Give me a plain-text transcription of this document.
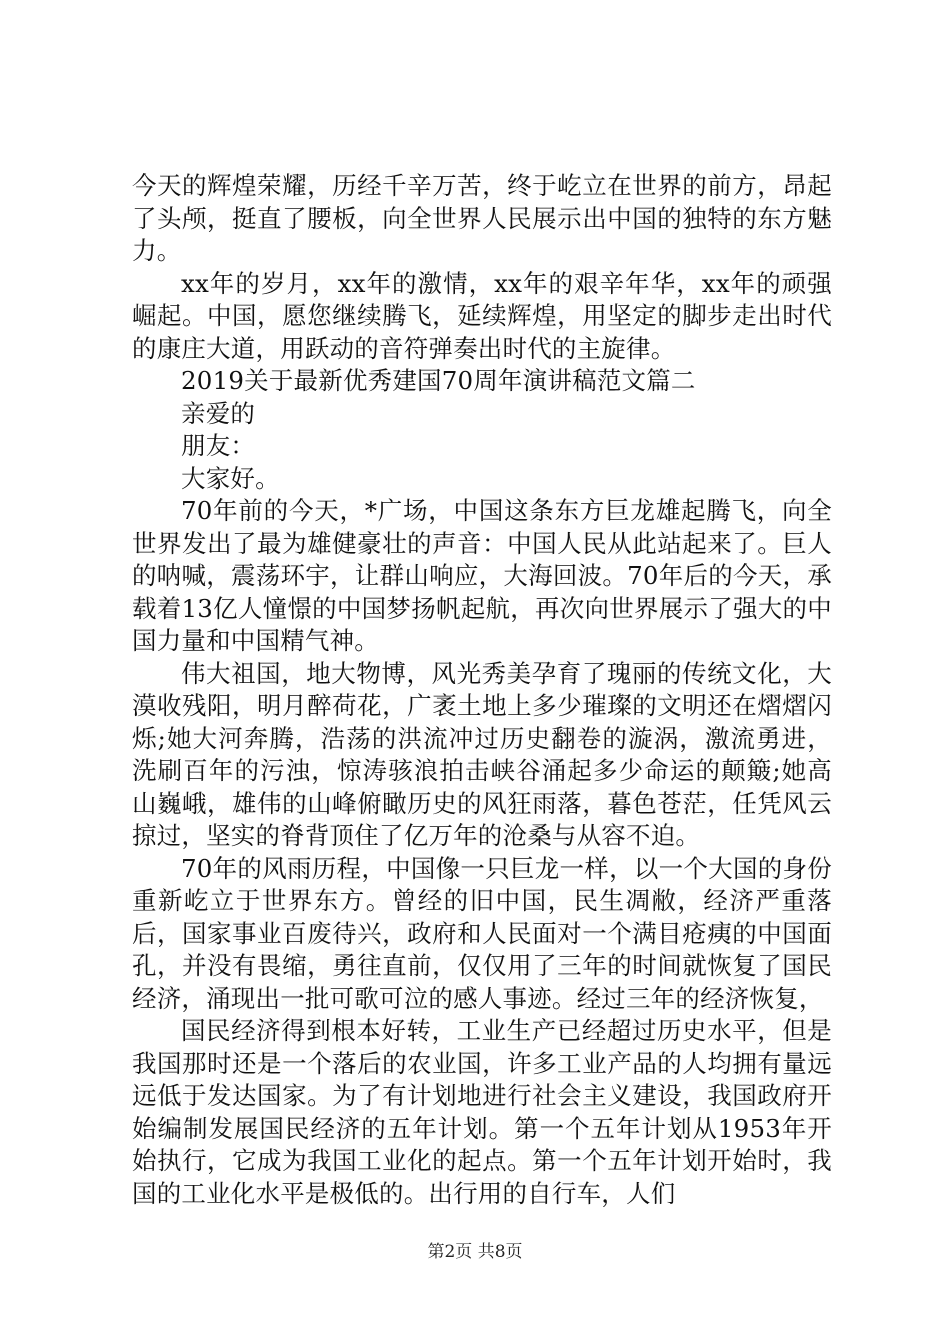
今天的辉煌荣耀，历经千辛万苦，终于屹立在世界的前方，昂起了头颅，挺直了腰板，向全世界人民展示出中国的独特的东方魅力。

xx年的岁月，xx年的激情，xx年的艰辛年华，xx年的顽强崛起。中国，愿您继续腾飞，延续辉煌，用坚定的脚步走出时代的康庄大道，用跃动的音符弹奏出时代的主旋律。

2019关于最新优秀建国70周年演讲稿范文篇二

亲爱的

朋友：

大家好。

70年前的今天，*广场，中国这条东方巨龙雄起腾飞，向全世界发出了最为雄健豪壮的声音：中国人民从此站起来了。巨人的呐喊，震荡环宇，让群山响应，大海回波。70年后的今天，承载着13亿人憧憬的中国梦扬帆起航，再次向世界展示了强大的中国力量和中国精气神。

伟大祖国，地大物博，风光秀美孕育了瑰丽的传统文化，大漠收残阳，明月醉荷花，广袤土地上多少璀璨的文明还在熠熠闪烁;她大河奔腾，浩荡的洪流冲过历史翻卷的漩涡，激流勇进，洗刷百年的污浊，惊涛骇浪拍击峡谷涌起多少命运的颠簸;她高山巍峨，雄伟的山峰俯瞰历史的风狂雨落，暮色苍茫，任凭风云掠过，坚实的脊背顶住了亿万年的沧桑与从容不迫。

70年的风雨历程，中国像一只巨龙一样，以一个大国的身份重新屹立于世界东方。曾经的旧中国，民生凋敝，经济严重落后，国家事业百废待兴，政府和人民面对一个满目疮痍的中国面孔，并没有畏缩，勇往直前，仅仅用了三年的时间就恢复了国民经济，涌现出一批可歌可泣的感人事迹。经过三年的经济恢复，

国民经济得到根本好转，工业生产已经超过历史水平，但是我国那时还是一个落后的农业国，许多工业产品的人均拥有量远远低于发达国家。为了有计划地进行社会主义建设，我国政府开始编制发展国民经济的五年计划。第一个五年计划从1953年开始执行，它成为我国工业化的起点。第一个五年计划开始时，我国的工业化水平是极低的。出行用的自行车，人们

第2页 共8页
